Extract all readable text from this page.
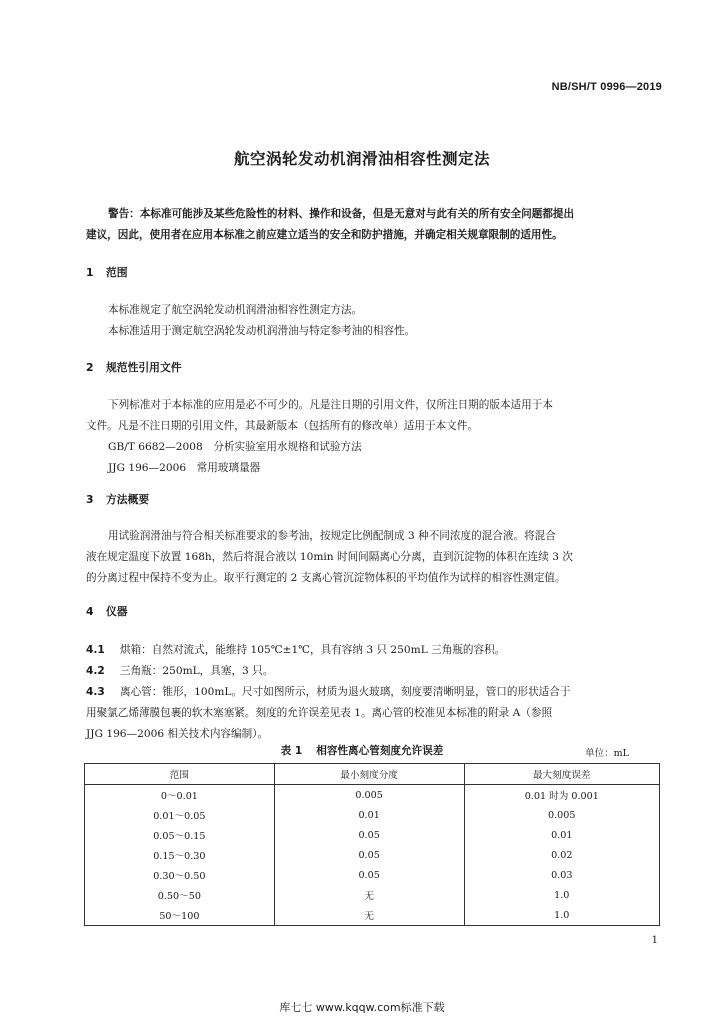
NB/SH/T 0996—2019
航空涡轮发动机润滑油相容性测定法
警告：本标准可能涉及某些危险性的材料、操作和设备，但是无意对与此有关的所有安全问题都提出
建议，因此，使用者在应用本标准之前应建立适当的安全和防护措施，并确定相关规章限制的适用性。
1 范围
本标准规定了航空涡轮发动机润滑油相容性测定方法。
本标准适用于测定航空涡轮发动机润滑油与特定参考油的相容性。
2 规范性引用文件
下列标准对于本标准的应用是必不可少的。凡是注日期的引用文件，仅所注日期的版本适用于本
文件。凡是不注日期的引用文件，其最新版本（包括所有的修改单）适用于本文件。
GB/T 6682—2008　分析实验室用水规格和试验方法
JJG 196—2006　常用玻璃量器
3 方法概要
用试验润滑油与符合相关标准要求的参考油，按规定比例配制成 3 种不同浓度的混合液。将混合
液在规定温度下放置 168h，然后将混合液以 10min 时间间隔离心分离，直到沉淀物的体积在连续 3 次
的分离过程中保持不变为止。取平行测定的 2 支离心管沉淀物体积的平均值作为试样的相容性测定值。
4 仪器
4.1 烘箱：自然对流式，能维持 105℃±1℃，具有容纳 3 只 250mL 三角瓶的容积。
4.2 三角瓶：250mL，具塞，3 只。
4.3 离心管：锥形，100mL。尺寸如图所示，材质为退火玻璃，刻度要清晰明显，管口的形状适合于
用聚氯乙烯薄膜包裹的软木塞塞紧。刻度的允许误差见表 1。离心管的校准见本标准的附录 A（参照
JJG 196—2006 相关技术内容编制）。
表 1 相容性离心管刻度允许误差	单位：mL
范围	最小刻度分度	最大刻度误差
0～0.01	0.005	0.01 时为 0.001
0.01～0.05	0.01	0.005
0.05～0.15	0.05	0.01
0.15～0.30	0.05	0.02
0.30～0.50	0.05	0.03
0.50～50	无	1.0
50～100	无	1.0
1
库七七 www.kqqw.com标准下载
